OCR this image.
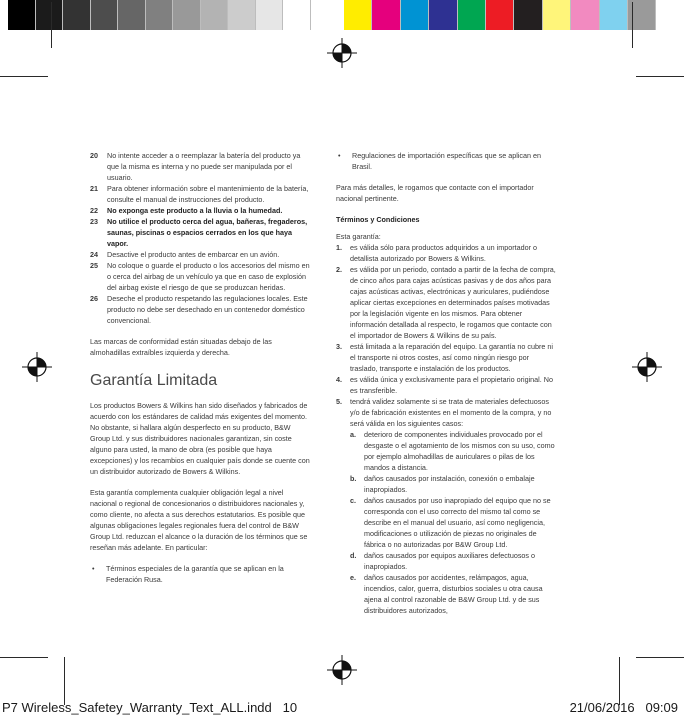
20	No intente acceder a o reemplazar la batería del producto ya que la misma es interna y no puede ser manipulada por el usuario.
21	Para obtener información sobre el mantenimiento de la batería, consulte el manual de instrucciones del producto.
22	No exponga este producto a la lluvia o la humedad.
23	No utilice el producto cerca del agua, bañeras, fregaderos, saunas, piscinas o espacios cerrados en los que haya vapor.
24	Desactive el producto antes de embarcar en un avión.
25	No coloque o guarde el producto o los accesorios del mismo en o cerca del airbag de un vehículo ya que en caso de explosión del airbag existe el riesgo de que se produzcan heridas.
26	Deseche el producto respetando las regulaciones locales. Este producto no debe ser desechado en un contenedor doméstico convencional.

Las marcas de conformidad están situadas debajo de las almohadillas extraíbles izquierda y derecha.

Garantía Limitada

Los productos Bowers & Wilkins han sido diseñados y fabricados de acuerdo con los estándares de calidad más exigentes del momento. No obstante, si hallara algún desperfecto en su producto, B&W Group Ltd. y sus distribuidores nacionales garantizan, sin coste alguno para usted, la mano de obra (es posible que haya excepciones) y los recambios en cualquier país donde se cuente con un distribuidor autorizado de Bowers & Wilkins.

Esta garantía complementa cualquier obligación legal a nivel nacional o regional de concesionarios o distribuidores nacionales y, como cliente, no afecta a sus derechos estatutarios. Es posible que algunas obligaciones legales regionales fuera del control de B&W Group Ltd. reduzcan el alcance o la duración de los términos que se reseñan más adelante. En particular:

•	Términos especiales de la garantía que se aplican en la Federación Rusa.
•	Regulaciones de importación específicas que se aplican en Brasil.

Para más detalles, le rogamos que contacte con el importador nacional pertinente.

Términos y Condiciones

Esta garantía:

1.	es válida sólo para productos adquiridos a un importador o detallista autorizado por Bowers & Wilkins.
2.	es válida por un periodo, contado a partir de la fecha de compra, de cinco años para cajas acústicas pasivas y de dos años para cajas acústicas activas, electrónicas y auriculares, pudiéndose aplicar ciertas excepciones en determinados países motivadas por la legislación vigente en los mismos. Para obtener información detallada al respecto, le rogamos que contacte con el importador de Bowers & Wilkins de su país.
3.	está limitada a la reparación del equipo. La garantía no cubre ni el transporte ni otros costes, así como ningún riesgo por traslado, transporte e instalación de los productos.
4.	es válida única y exclusivamente para el propietario original. No es transferible.
5.	tendrá validez solamente si se trata de materiales defectuosos y/o de fabricación existentes en el momento de la compra, y no será válida en los siguientes casos:
a.	deterioro de componentes individuales provocado por el desgaste o el agotamiento de los mismos con su uso, como por ejemplo almohadillas de auriculares o pilas de los mandos a distancia.
b.	daños causados por instalación, conexión o embalaje inapropiados.
c.	daños causados por uso inapropiado del equipo que no se corresponda con el uso correcto del mismo tal como se describe en el manual del usuario, así como negligencia, modificaciones o utilización de piezas no originales de fábrica o no autorizadas por B&W Group Ltd.
d.	daños causados por equipos auxiliares defectuosos o inapropiados.
e.	daños causados por accidentes, relámpagos, agua, incendios, calor, guerra, disturbios sociales u otra causa ajena al control razonable de B&W Group Ltd. y de sus distribuidores autorizados,
P7 Wireless_Safetey_Warranty_Text_ALL.indd   10	21/06/2016   09:09
